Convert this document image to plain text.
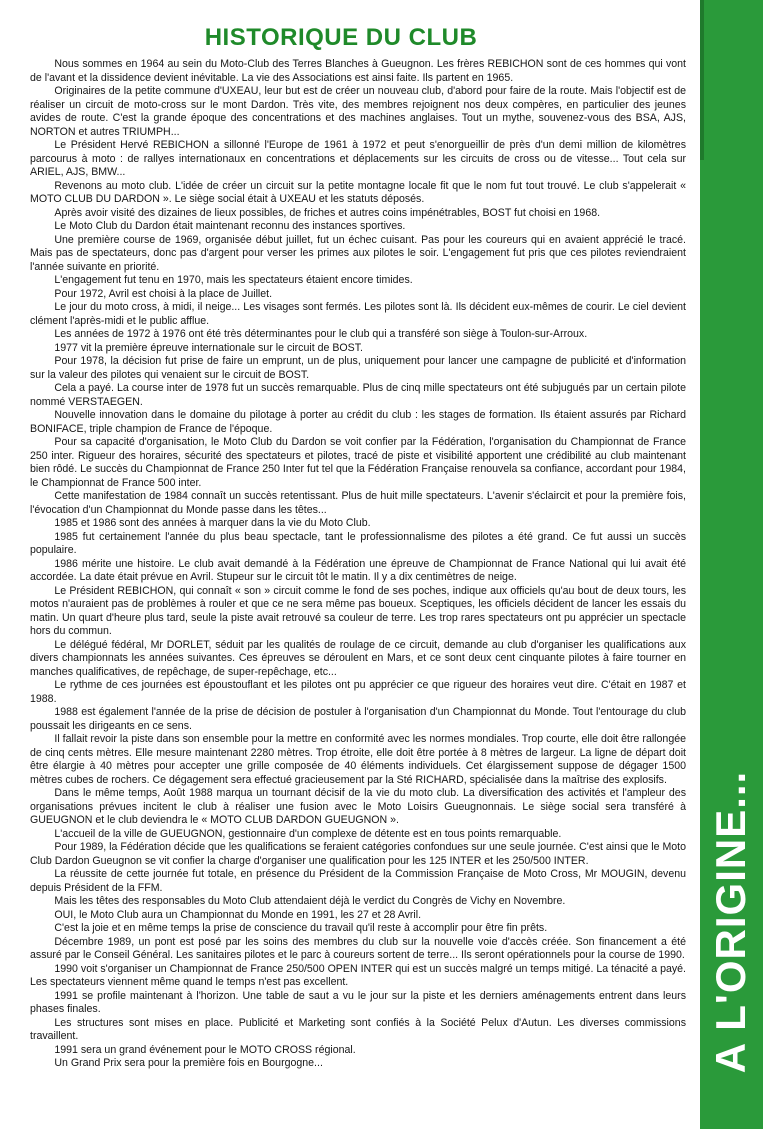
HISTORIQUE DU CLUB

Nous sommes en 1964 au sein du Moto-Club des Terres Blanches à Gueugnon. Les frères REBICHON sont de ces hommes qui vont de l'avant et la dissidence devient inévitable. La vie des Associations est ainsi faite. Ils partent en 1965.

Originaires de la petite commune d'UXEAU, leur but est de créer un nouveau club, d'abord pour faire de la route. Mais l'objectif est de réaliser un circuit de moto-cross sur le mont Dardon. Très vite, des membres rejoignent nos deux compères, en particulier des jeunes avides de route. C'est la grande époque des concentrations et des machines anglaises. Tout un mythe, souvenez-vous des BSA, AJS, NORTON et autres TRIUMPH...

Le Président Hervé REBICHON a sillonné l'Europe de 1961 à 1972 et peut s'enorgueillir de près d'un demi million de kilomètres parcourus à moto : de rallyes internationaux en concentrations et déplacements sur les circuits de cross ou de vitesse... Tout cela sur ARIEL, AJS, BMW...

Revenons au moto club. L'idée de créer un circuit sur la petite montagne locale fit que le nom fut tout trouvé. Le club s'appelerait « MOTO CLUB DU DARDON ». Le siège social était à UXEAU et les statuts déposés.

Après avoir visité des dizaines de lieux possibles, de friches et autres coins impénétrables, BOST fut choisi en 1968.

Le Moto Club du Dardon était maintenant reconnu des instances sportives.

Une première course de 1969, organisée début juillet, fut un échec cuisant. Pas pour les coureurs qui en avaient apprécié le tracé. Mais pas de spectateurs, donc pas d'argent pour verser les primes aux pilotes le soir. L'engagement fut pris que ces pilotes reviendraient l'année suivante en priorité.

L'engagement fut tenu en 1970, mais les spectateurs étaient encore timides.

Pour 1972, Avril est choisi à la place de Juillet.

Le jour du moto cross, à midi, il neige... Les visages sont fermés. Les pilotes sont là. Ils décident eux-mêmes de courir. Le ciel devient clément l'après-midi et le public afflue.

Les années de 1972 à 1976 ont été très déterminantes pour le club qui a transféré son siège à Toulon-sur-Arroux.

1977 vit la première épreuve internationale sur le circuit de BOST.

Pour 1978, la décision fut prise de faire un emprunt, un de plus, uniquement pour lancer une campagne de publicité et d'information sur la valeur des pilotes qui venaient sur le circuit de BOST.

Cela a payé. La course inter de 1978 fut un succès remarquable. Plus de cinq mille spectateurs ont été subjugués par un certain pilote nommé VERSTAEGEN.

Nouvelle innovation dans le domaine du pilotage à porter au crédit du club : les stages de formation. Ils étaient assurés par Richard BONIFACE, triple champion de France de l'époque.

Pour sa capacité d'organisation, le Moto Club du Dardon se voit confier par la Fédération, l'organisation du Championnat de France 250 inter. Rigueur des horaires, sécurité des spectateurs et pilotes, tracé de piste et visibilité apportent une crédibilité au club maintenant bien rôdé. Le succès du Championnat de France 250 Inter fut tel que la Fédération Française renouvela sa confiance, accordant pour 1984, le Championnat de France 500 inter.

Cette manifestation de 1984 connaît un succès retentissant. Plus de huit mille spectateurs. L'avenir s'éclaircit et pour la première fois, l'évocation d'un Championnat du Monde passe dans les têtes...

1985 et 1986 sont des années à marquer dans la vie du Moto Club.

1985 fut certainement l'année du plus beau spectacle, tant le professionnalisme des pilotes a été grand. Ce fut aussi un succès populaire.

1986 mérite une histoire. Le club avait demandé à la Fédération une épreuve de Championnat de France National qui lui avait été accordée. La date était prévue en Avril. Stupeur sur le circuit tôt le matin. Il y a dix centimètres de neige.

Le Président REBICHON, qui connaît « son » circuit comme le fond de ses poches, indique aux officiels qu'au bout de deux tours, les motos n'auraient pas de problèmes à rouler et que ce ne sera même pas boueux. Sceptiques, les officiels décident de lancer les essais du matin. Un quart d'heure plus tard, seule la piste avait retrouvé sa couleur de terre. Les trop rares spectateurs ont pu apprécier un spectacle hors du commun.

Le délégué fédéral, Mr DORLET, séduit par les qualités de roulage de ce circuit, demande au club d'organiser les qualifications aux divers championnats les années suivantes. Ces épreuves se déroulent en Mars, et ce sont deux cent cinquante pilotes à faire tourner en manches qualificatives, de repêchage, de super-repêchage, etc...

Le rythme de ces journées est époustouflant et les pilotes ont pu apprécier ce que rigueur des horaires veut dire. C'était en 1987 et 1988.

1988 est également l'année de la prise de décision de postuler à l'organisation d'un Championnat du Monde. Tout l'entourage du club poussait les dirigeants en ce sens.

Il fallait revoir la piste dans son ensemble pour la mettre en conformité avec les normes mondiales. Trop courte, elle doit être rallongée de cinq cents mètres. Elle mesure maintenant 2280 mètres. Trop étroite, elle doit être portée à 8 mètres de largeur. La ligne de départ doit être élargie à 40 mètres pour accepter une grille composée de 40 éléments individuels. Cet élargissement suppose de dégager 1500 mètres cubes de rochers. Ce dégagement sera effectué gracieusement par la Sté RICHARD, spécialisée dans la maîtrise des explosifs.

Dans le même temps, Août 1988 marqua un tournant décisif de la vie du moto club. La diversification des activités et l'ampleur des organisations prévues incitent le club à réaliser une fusion avec le Moto Loisirs Gueugnonnais. Le siège social sera transféré à GUEUGNON et le club deviendra le « MOTO CLUB DARDON GUEUGNON ».

L'accueil de la ville de GUEUGNON, gestionnaire d'un complexe de détente est en tous points remarquable.

Pour 1989, la Fédération décide que les qualifications se feraient catégories confondues sur une seule journée. C'est ainsi que le Moto Club Dardon Gueugnon se vit confier la charge d'organiser une qualification pour les 125 INTER et les 250/500 INTER.

La réussite de cette journée fut totale, en présence du Président de la Commission Française de Moto Cross, Mr MOUGIN, devenu depuis Président de la FFM.

Mais les têtes des responsables du Moto Club attendaient déjà le verdict du Congrès de Vichy en Novembre.

OUI, le Moto Club aura un Championnat du Monde en 1991, les 27 et 28 Avril.

C'est la joie et en même temps la prise de conscience du travail qu'il reste à accomplir pour être fin prêts.

Décembre 1989, un pont est posé par les soins des membres du club sur la nouvelle voie d'accès créée. Son financement a été assuré par le Conseil Général. Les sanitaires pilotes et le parc à coureurs sortent de terre... Ils seront opérationnels pour la course de 1990.

1990 voit s'organiser un Championnat de France 250/500 OPEN INTER qui est un succès malgré un temps mitigé. La ténacité a payé. Les spectateurs viennent même quand le temps n'est pas excellent.

1991 se profile maintenant à l'horizon. Une table de saut a vu le jour sur la piste et les derniers aménagements entrent dans leurs phases finales.

Les structures sont mises en place. Publicité et Marketing sont confiés à la Société Pelux d'Autun. Les diverses commissions travaillent.

1991 sera un grand événement pour le MOTO CROSS régional.

Un Grand Prix sera pour la première fois en Bourgogne...	A L'ORIGINE...
